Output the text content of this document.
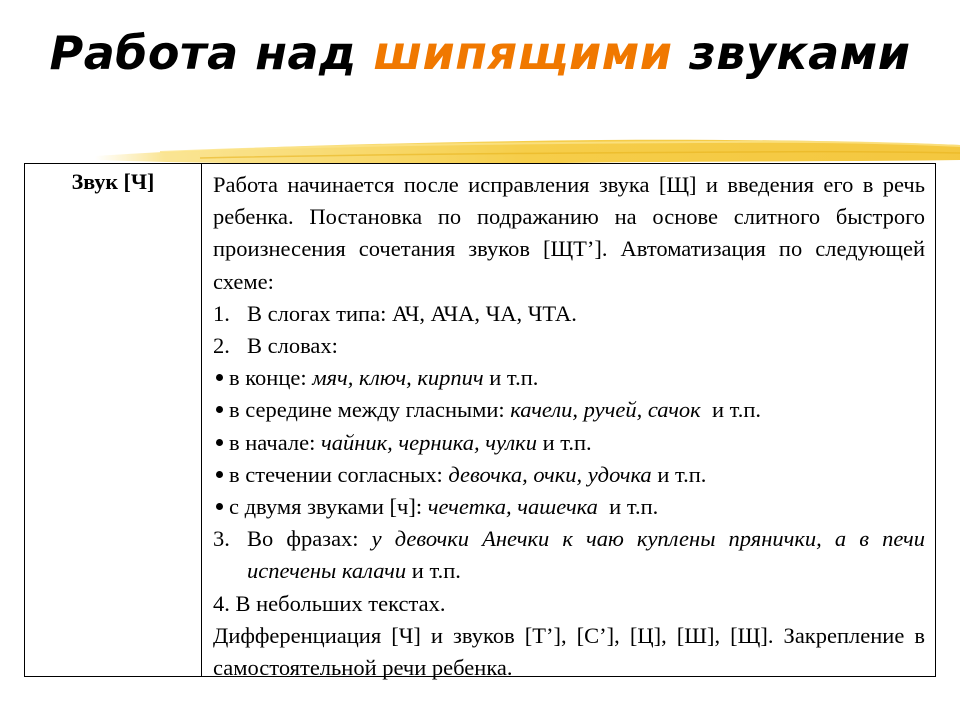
Работа над шипящими звуками
Звук [Ч]	Работа начинается после исправления звука [Щ] и введения его в речь ребенка. Постановка по подражанию на основе слитного быстрого произнесения сочетания звуков [ЩТ’]. Автоматизация по следующей схеме:
1. В слогах типа: АЧ, АЧА, ЧА, ЧТА.
2. В словах:
в конце: мяч, ключ, кирпич и т.п.
в середине между гласными: качели, ручей, сачок  и т.п.
в начале: чайник, черника, чулки и т.п.
в стечении согласных: девочка, очки, удочка и т.п.
с двумя звуками [ч]: чечетка, чашечка  и т.п.
3. Во фразах: у девочки Анечки к чаю куплены прянички, а в печи испечены калачи и т.п.
4. В небольших текстах.
Дифференциация [Ч] и звуков [Т’], [С’], [Ц], [Ш], [Щ]. Закрепление в самостоятельной речи ребенка.
